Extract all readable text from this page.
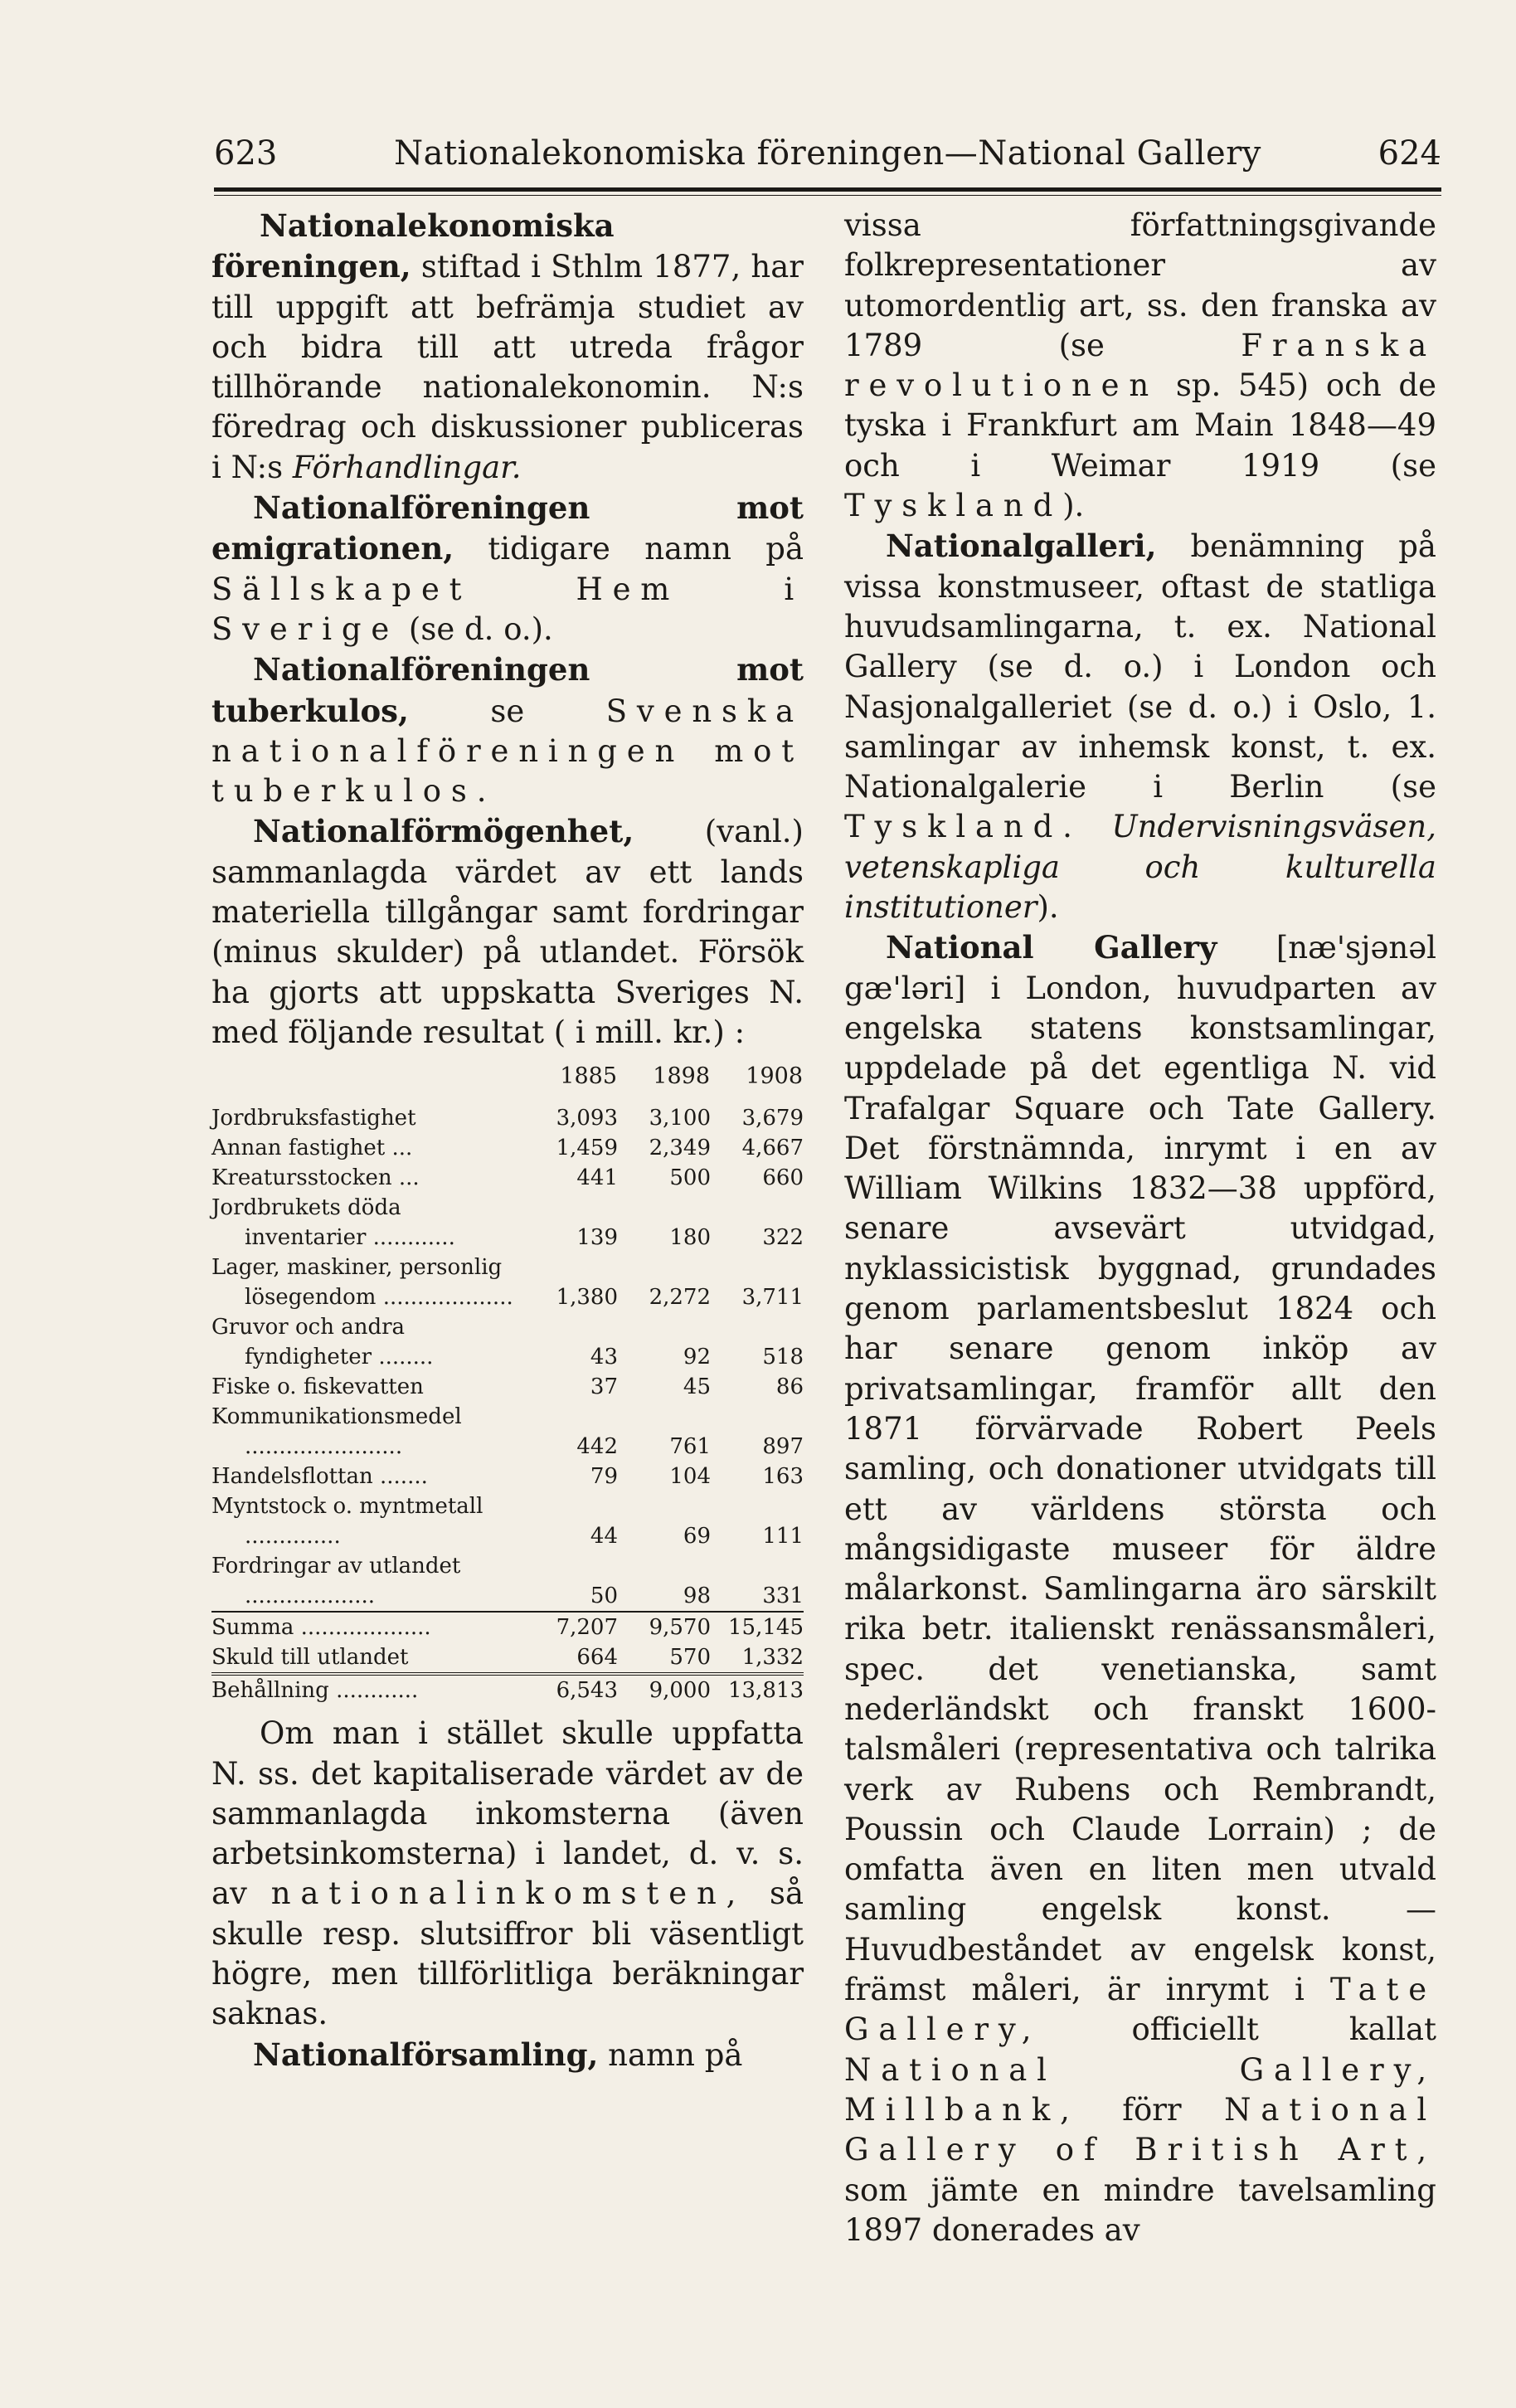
623	Nationalekonomiska föreningen—National Gallery	624

Nationalekonomiska föreningen, stiftad i Sthlm 1877, har till uppgift att befrämja studiet av och bidra till att utreda frågor tillhörande nationalekonomin. N:s föredrag och diskussioner publiceras i N:s Förhandlingar.

Nationalföreningen mot emigrationen, tidigare namn på Sällskapet Hem i Sverige (se d. o.).

Nationalföreningen mot tuberkulos,	se	Svenska nationalföreningen mot tuberkulos.

Nationalförmögenhet, (vanl.) sammanlagda värdet av ett lands materiella tillgångar samt fordringar (minus skulder) på utlandet. Försök ha gjorts att uppskatta Sveriges N. med följande resultat ( i mill. kr.) :

	1885	1898	1908
Jordbruksfastighet	3,093	3,100	3,679
Annan fastighet ...	1,459	2,349	4,667
Kreatursstocken ...	441	500	660
Jordbrukets döda inventarier ............	139	180	322
Lager, maskiner, personlig lösegendom ...................	1,380	2,272	3,711
Gruvor och andra fyndigheter ........	43	92	518
Fiske o. fiskevatten	37	45	86
Kommunikationsmedel .......................	442	761	897
Handelsflottan .......	79	104	163
Myntstock o. myntmetall ..............	44	69	111
Fordringar av utlandet ...................	50	98	331
Summa ...................	7,207	9,570	15,145
Skuld till utlandet	664	570	1,332
Behållning ............	6,543	9,000	13,813

Om man i stället skulle uppfatta N. ss. det kapitaliserade värdet av de sammanlagda inkomsterna (även arbetsinkomsterna) i landet, d. v. s. av nationalinkomsten, så skulle resp. slutsiffror bli väsentligt högre, men tillförlitliga beräkningar saknas.

Nationalförsamling, namn på

vissa författningsgivande folkrepresentationer av utomordentlig art, ss. den franska av 1789 (se	Franska revolutionen sp. 545) och de tyska i Frankfurt am Main 1848—49 och i Weimar 1919 (se Tyskland).

Nationalgalleri, benämning på vissa konstmuseer, oftast de statliga huvudsamlingarna, t. ex. National Gallery (se d. o.) i London och Nasjonalgalleriet (se d. o.) i Oslo, 1. samlingar av inhemsk konst, t. ex. Nationalgalerie i Berlin (se Tyskland. Undervisningsväsen, vetenskapliga och kulturella institutioner).

National Gallery [næ'sjənəl gæ'ləri] i London, huvudparten av engelska statens konstsamlingar, uppdelade på det egentliga N. vid Trafalgar Square och Tate Gallery. Det förstnämnda, inrymt i en av William Wilkins 1832—38 uppförd, senare avsevärt utvidgad, nyklassicistisk byggnad, grundades genom parlamentsbeslut 1824 och har senare genom inköp av privatsamlingar, framför allt den 1871 förvärvade Robert Peels samling, och donationer utvidgats till ett av världens största och mångsidigaste museer för äldre målarkonst. Samlingarna äro särskilt rika betr. italienskt renässansmåleri, spec. det venetianska, samt nederländskt och franskt 1600-talsmåleri (representativa och talrika verk av Rubens och Rembrandt, Poussin och Claude Lorrain) ; de omfatta även en liten men utvald samling engelsk konst. — Huvudbeståndet av engelsk konst, främst måleri, är inrymt i Tate Gallery,	officiellt kallat National Gallery, Millbank, förr National Gallery of British Art, som jämte en mindre tavelsamling 1897 donerades av
